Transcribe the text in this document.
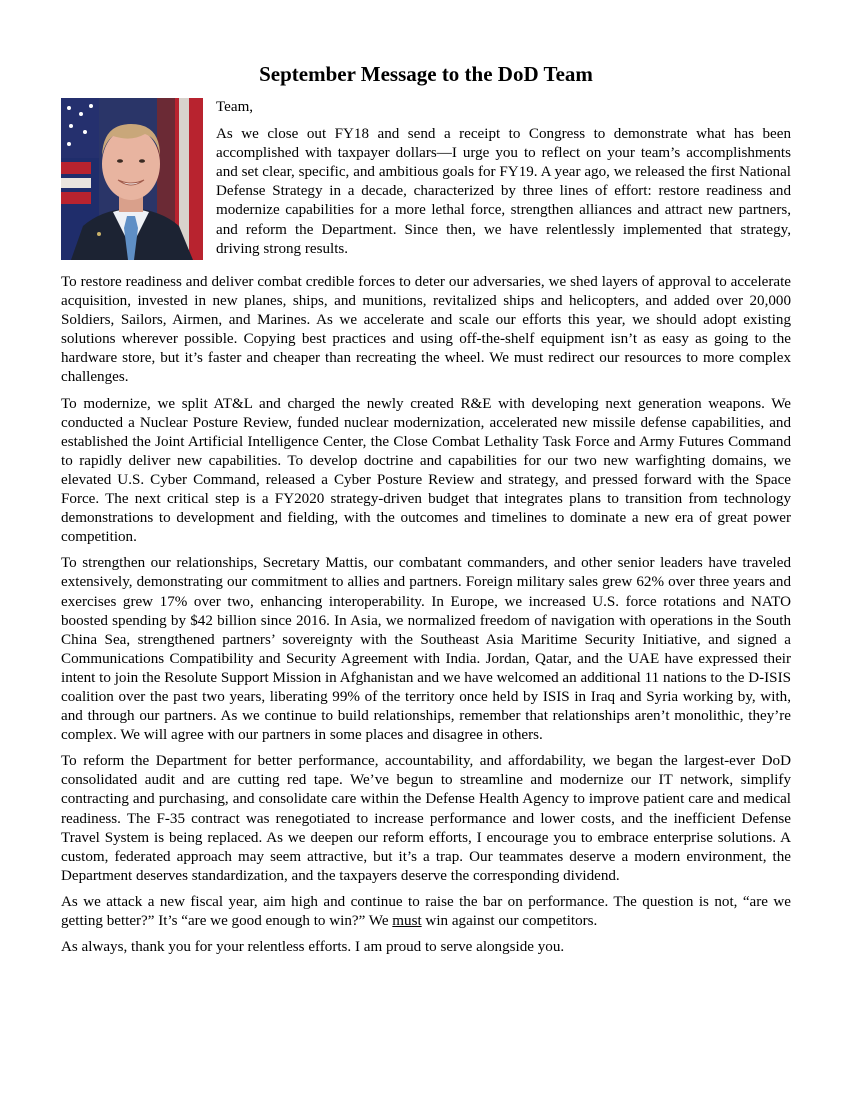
September Message to the DoD Team

Team,

As we close out FY18 and send a receipt to Congress to demonstrate what has been accomplished with taxpayer dollars—I urge you to reflect on your team’s accomplishments and set clear, specific, and ambitious goals for FY19. A year ago, we released the first National Defense Strategy in a decade, characterized by three lines of effort: restore readiness and modernize capabilities for a more lethal force, strengthen alliances and attract new partners, and reform the Department. Since then, we have relentlessly implemented that strategy, driving strong results.

To restore readiness and deliver combat credible forces to deter our adversaries, we shed layers of approval to accelerate acquisition, invested in new planes, ships, and munitions, revitalized ships and helicopters, and added over 20,000 Soldiers, Sailors, Airmen, and Marines. As we accelerate and scale our efforts this year, we should adopt existing solutions wherever possible. Copying best practices and using off-the-shelf equipment isn’t as easy as going to the hardware store, but it’s faster and cheaper than recreating the wheel. We must redirect our resources to more complex challenges.

To modernize, we split AT&L and charged the newly created R&E with developing next generation weapons. We conducted a Nuclear Posture Review, funded nuclear modernization, accelerated new missile defense capabilities, and established the Joint Artificial Intelligence Center, the Close Combat Lethality Task Force and Army Futures Command to rapidly deliver new capabilities. To develop doctrine and capabilities for our two new warfighting domains, we elevated U.S. Cyber Command, released a Cyber Posture Review and strategy, and pressed forward with the Space Force. The next critical step is a FY2020 strategy-driven budget that integrates plans to transition from technology demonstrations to development and fielding, with the outcomes and timelines to dominate a new era of great power competition.

To strengthen our relationships, Secretary Mattis, our combatant commanders, and other senior leaders have traveled extensively, demonstrating our commitment to allies and partners. Foreign military sales grew 62% over three years and exercises grew 17% over two, enhancing interoperability. In Europe, we increased U.S. force rotations and NATO boosted spending by $42 billion since 2016. In Asia, we normalized freedom of navigation with operations in the South China Sea, strengthened partners’ sovereignty with the Southeast Asia Maritime Security Initiative, and signed a Communications Compatibility and Security Agreement with India. Jordan, Qatar, and the UAE have expressed their intent to join the Resolute Support Mission in Afghanistan and we have welcomed an additional 11 nations to the D-ISIS coalition over the past two years, liberating 99% of the territory once held by ISIS in Iraq and Syria working by, with, and through our partners. As we continue to build relationships, remember that relationships aren’t monolithic, they’re complex. We will agree with our partners in some places and disagree in others.

To reform the Department for better performance, accountability, and affordability, we began the largest-ever DoD consolidated audit and are cutting red tape. We’ve begun to streamline and modernize our IT network, simplify contracting and purchasing, and consolidate care within the Defense Health Agency to improve patient care and medical readiness. The F-35 contract was renegotiated to increase performance and lower costs, and the inefficient Defense Travel System is being replaced. As we deepen our reform efforts, I encourage you to embrace enterprise solutions. A custom, federated approach may seem attractive, but it’s a trap. Our teammates deserve a modern environment, the Department deserves standardization, and the taxpayers deserve the corresponding dividend.

As we attack a new fiscal year, aim high and continue to raise the bar on performance. The question is not, “are we getting better?” It’s “are we good enough to win?” We must win against our competitors.

As always, thank you for your relentless efforts. I am proud to serve alongside you.
